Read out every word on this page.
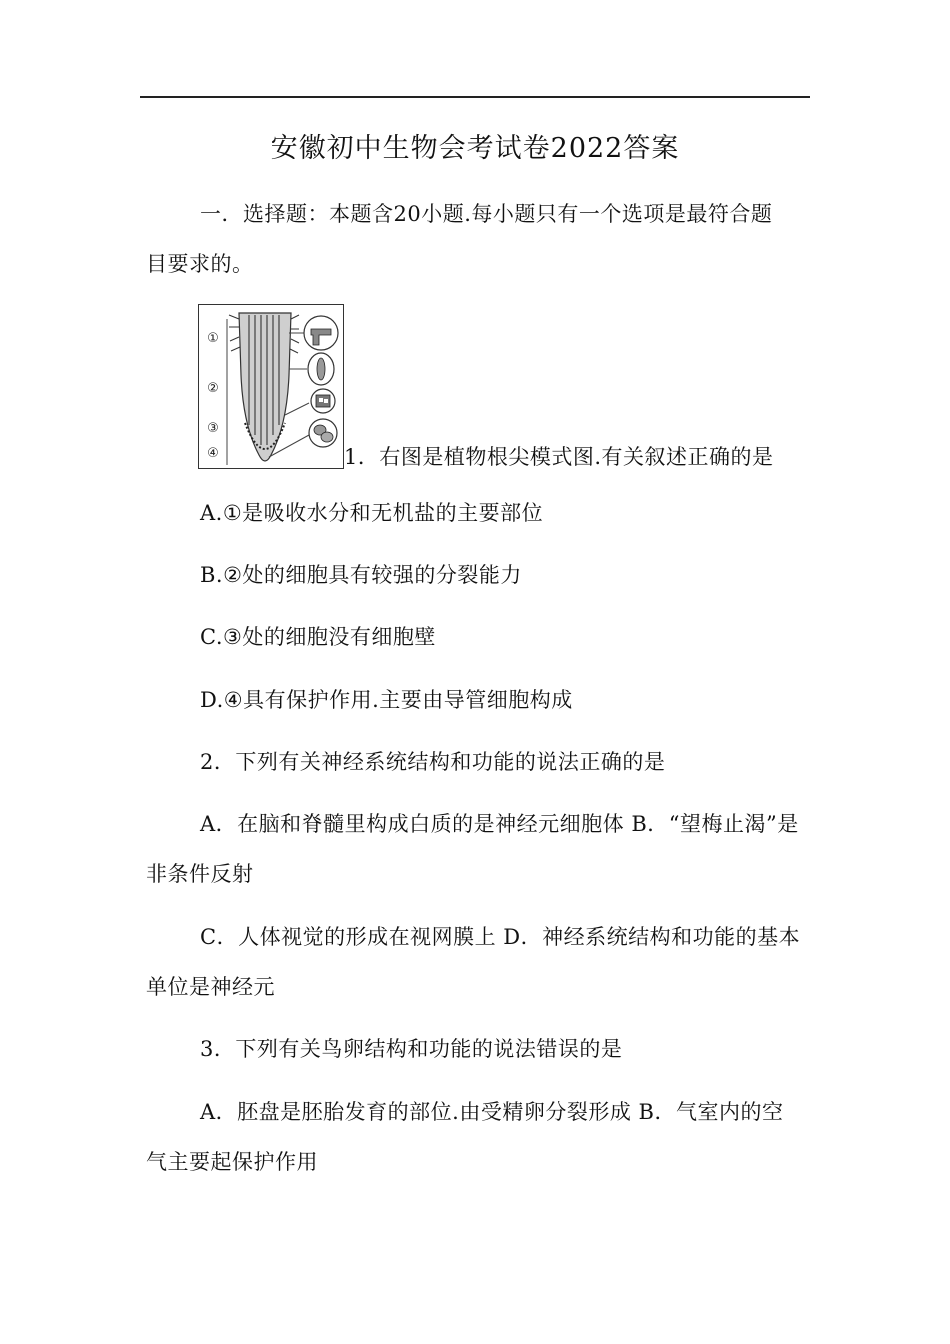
安徽初中生物会考试卷2022答案
一．选择题：本题含20小题.每小题只有一个选项是最符合题
目要求的。
①
②
③
④	1．右图是植物根尖模式图.有关叙述正确的是
A.①是吸收水分和无机盐的主要部位
B.②处的细胞具有较强的分裂能力
C.③处的细胞没有细胞壁
D.④具有保护作用.主要由导管细胞构成
2．下列有关神经系统结构和功能的说法正确的是
A．在脑和脊髓里构成白质的是神经元细胞体 B．“望梅止渴”是
非条件反射
C．人体视觉的形成在视网膜上 D．神经系统结构和功能的基本
单位是神经元
3．下列有关鸟卵结构和功能的说法错误的是
A．胚盘是胚胎发育的部位.由受精卵分裂形成 B．气室内的空
气主要起保护作用
